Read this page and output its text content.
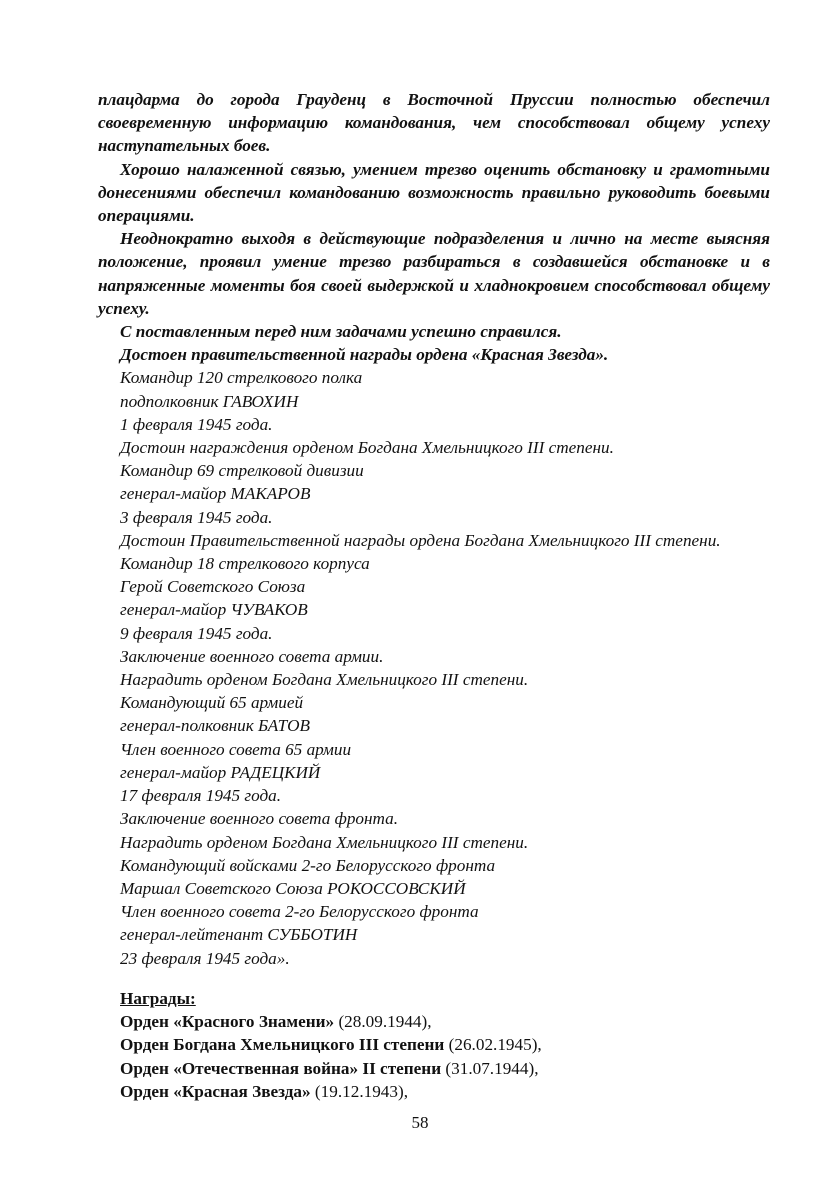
плацдарма до города Грауденц в Восточной Пруссии полностью обеспечил своевременную информацию командования, чем способствовал общему успеху наступательных боев.

Хорошо налаженной связью, умением трезво оценить обстановку и грамотными донесениями обеспечил командованию возможность правильно руководить боевыми операциями.

Неоднократно выходя в действующие подразделения и лично на месте выясняя положение, проявил умение трезво разбираться в создавшейся обстановке и в напряженные моменты боя своей выдержкой и хладнокровием способствовал общему успеху.

С поставленным перед ним задачами успешно справился.

Достоен правительственной награды ордена «Красная Звезда».

Командир 120 стрелкового полка
подполковник ГАВОХИН
1 февраля 1945 года.
Достоин награждения орденом Богдана Хмельницкого III степени.
Командир 69 стрелковой дивизии
генерал-майор МАКАРОВ
3 февраля 1945 года.
Достоин Правительственной награды ордена Богдана Хмельницкого III степени.
Командир 18 стрелкового корпуса
Герой Советского Союза
генерал-майор ЧУВАКОВ
9 февраля 1945 года.
Заключение военного совета армии.
Наградить орденом Богдана Хмельницкого III степени.
Командующий 65 армией
генерал-полковник БАТОВ
Член военного совета 65 армии
генерал-майор РАДЕЦКИЙ
17 февраля 1945 года.
Заключение военного совета фронта.
Наградить орденом Богдана Хмельницкого III степени.
Командующий войсками 2-го Белорусского фронта
Маршал Советского Союза РОКОССОВСКИЙ
Член военного совета 2-го Белорусского фронта
генерал-лейтенант СУББОТИН
23 февраля 1945 года».
Награды:
Орден «Красного Знамени» (28.09.1944),
Орден Богдана Хмельницкого III степени (26.02.1945),
Орден «Отечественная война» II степени (31.07.1944),
Орден «Красная Звезда» (19.12.1943),
58
